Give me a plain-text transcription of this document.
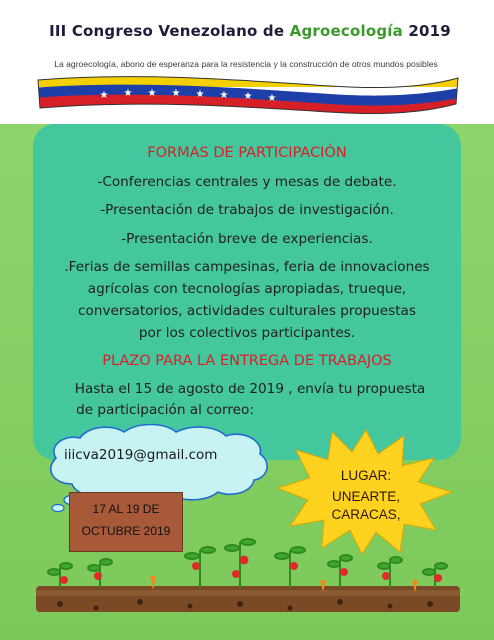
III Congreso Venezolano de Agroecología 2019
La agroecología, abono de esperanza para la resistencia y la construcción de otros mundos posibles
★ ★ ★ ★ ★ ★ ★ ★
FORMAS DE PARTICIPACIÓN
-Conferencias centrales y mesas de debate.
-Presentación de trabajos de investigación.
-Presentación breve de experiencias.
.Ferias de semillas campesinas, feria de innovaciones
agrícolas con tecnologías apropiadas, trueque,
conversatorios, actividades culturales propuestas
por los colectivos participantes.
PLAZO PARA LA ENTREGA DE TRABAJOS
Hasta el 15 de agosto de 2019 , envía tu propuesta
de participación al correo:
iiicva2019@gmail.com
LUGAR:
UNEARTE,
CARACAS,
17 AL 19 DE
OCTUBRE 2019
